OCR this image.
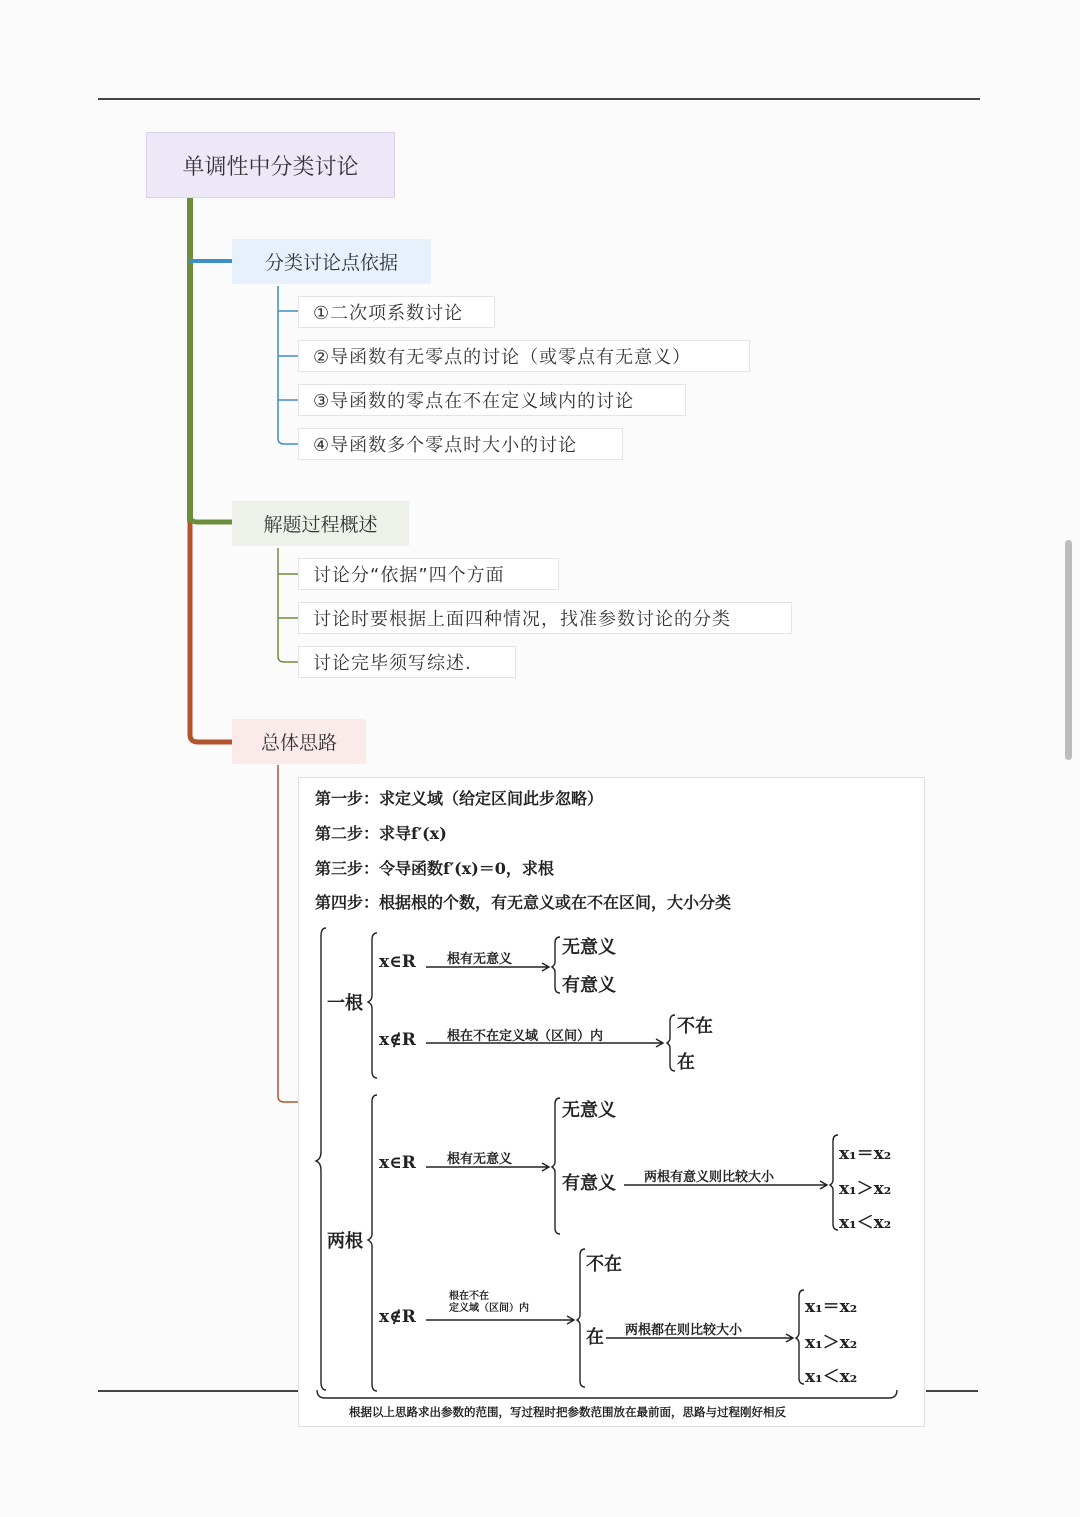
单调性中分类讨论
分类讨论点依据
①二次项系数讨论
②导函数有无零点的讨论（或零点有无意义）
③导函数的零点在不在定义域内的讨论
④导函数多个零点时大小的讨论
解题过程概述
讨论分“依据”四个方面
讨论时要根据上面四种情况，找准参数讨论的分类
讨论完毕须写综述.
总体思路
第一步：求定义域（给定区间此步忽略）
第二步：求导f′(x)
第三步：令导函数f′(x)＝0，求根
第四步：根据根的个数，有无意义或在不在区间，大小分类
一根
x∈R 根有无意义
无意义
有意义
x∉R 根在不在定义域（区间）内	不在
在
两根
x∈R 根有无意义
无意义
有意义 两根有意义则比较大小
x₁＝x₂
x₁＞x₂
x₁＜x₂
x∉R
根在不在
定义域（区间）内
不在
在 两根都在则比较大小
x₁＝x₂
x₁＞x₂
x₁＜x₂
根据以上思路求出参数的范围，写过程时把参数范围放在最前面，思路与过程刚好相反
